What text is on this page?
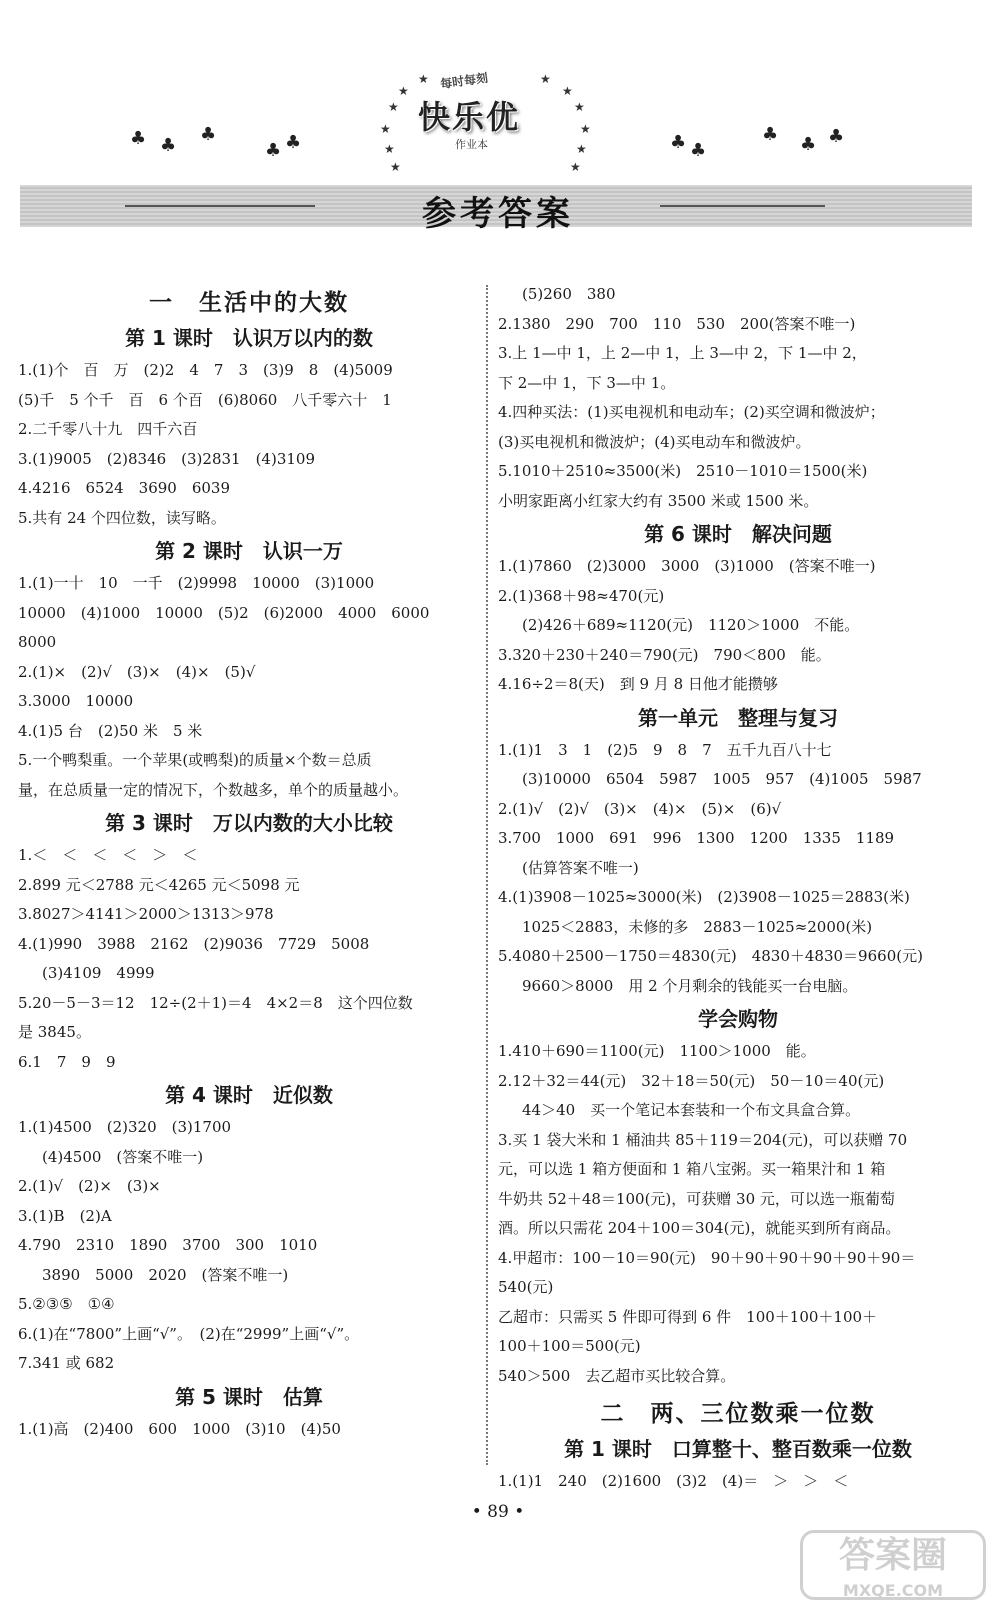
♣ ♣
♣
♣ ♣	♣ ♣
♣ ♣ ♣
★
★
★
★
★	★
★
★
★
★
★	★
每时每刻
快乐优
作业本
参考答案
一　生活中的大数
第 1 课时　认识万以内的数
1.(1)个　百　万　(2)2　4　7　3　(3)9　8　(4)5009
(5)千　5 个千　百　6 个百　(6)8060　八千零六十　1
2.二千零八十九　四千六百
3.(1)9005　(2)8346　(3)2831　(4)3109
4.4216　6524　3690　6039
5.共有 24 个四位数，读写略。
第 2 课时　认识一万
1.(1)一十　10　一千　(2)9998　10000　(3)1000
10000　(4)1000　10000　(5)2　(6)2000　4000　6000
8000
2.(1)×　(2)√　(3)×　(4)×　(5)√
3.3000　10000
4.(1)5 台　(2)50 米　5 米
5.一个鸭梨重。一个苹果(或鸭梨)的质量×个数＝总质
量，在总质量一定的情况下，个数越多，单个的质量越小。
第 3 课时　万以内数的大小比较
1.＜　＜　＜　＜　＞　＜
2.899 元＜2788 元＜4265 元＜5098 元
3.8027＞4141＞2000＞1313＞978
4.(1)990　3988　2162　(2)9036　7729　5008
(3)4109　4999
5.20－5－3＝12　12÷(2＋1)＝4　4×2＝8　这个四位数
是 3845。
6.1　7　9　9
第 4 课时　近似数
1.(1)4500　(2)320　(3)1700
(4)4500　(答案不唯一)
2.(1)√　(2)×　(3)×
3.(1)B　(2)A
4.790　2310　1890　3700　300　1010
3890　5000　2020　(答案不唯一)
5.②③⑤　①④
6.(1)在“7800”上画“√”。　(2)在“2999”上画“√”。
7.341 或 682
第 5 课时　估算
1.(1)高　(2)400　600　1000　(3)10　(4)50
(5)260　380
2.1380　290　700　110　530　200(答案不唯一)
3.上 1—中 1，上 2—中 1，上 3—中 2，下 1—中 2，
下 2—中 1，下 3—中 1。
4.四种买法：(1)买电视机和电动车；(2)买空调和微波炉；
(3)买电视机和微波炉；(4)买电动车和微波炉。
5.1010＋2510≈3500(米)　2510－1010＝1500(米)
小明家距离小红家大约有 3500 米或 1500 米。
第 6 课时　解决问题
1.(1)7860　(2)3000　3000　(3)1000　(答案不唯一)
2.(1)368＋98≈470(元)
(2)426＋689≈1120(元)　1120＞1000　不能。
3.320＋230＋240＝790(元)　790＜800　能。
4.16÷2＝8(天)　到 9 月 8 日他才能攒够
第一单元　整理与复习
1.(1)1　3　1　(2)5　9　8　7　五千九百八十七
(3)10000　6504　5987　1005　957　(4)1005　5987
2.(1)√　(2)√　(3)×　(4)×　(5)×　(6)√
3.700　1000　691　996　1300　1200　1335　1189
(估算答案不唯一)
4.(1)3908－1025≈3000(米)　(2)3908－1025＝2883(米)
1025＜2883，未修的多　2883－1025≈2000(米)
5.4080＋2500－1750＝4830(元)　4830＋4830＝9660(元)
9660＞8000　用 2 个月剩余的钱能买一台电脑。
学会购物
1.410＋690＝1100(元)　1100＞1000　能。
2.12＋32＝44(元)　32＋18＝50(元)　50－10＝40(元)
44＞40　买一个笔记本套装和一个布文具盒合算。
3.买 1 袋大米和 1 桶油共 85＋119＝204(元)，可以获赠 70
元，可以选 1 箱方便面和 1 箱八宝粥。买一箱果汁和 1 箱
牛奶共 52＋48＝100(元)，可获赠 30 元，可以选一瓶葡萄
酒。所以只需花 204＋100＝304(元)，就能买到所有商品。
4.甲超市：100－10＝90(元)　90＋90＋90＋90＋90＋90＝
540(元)
乙超市：只需买 5 件即可得到 6 件　100＋100＋100＋
100＋100＝500(元)
540＞500　去乙超市买比较合算。
二　两、三位数乘一位数
第 1 课时　口算整十、整百数乘一位数
1.(1)1　240　(2)1600　(3)2　(4)＝　＞　＞　＜
• 89 •
答案圈
MXQE.COM
